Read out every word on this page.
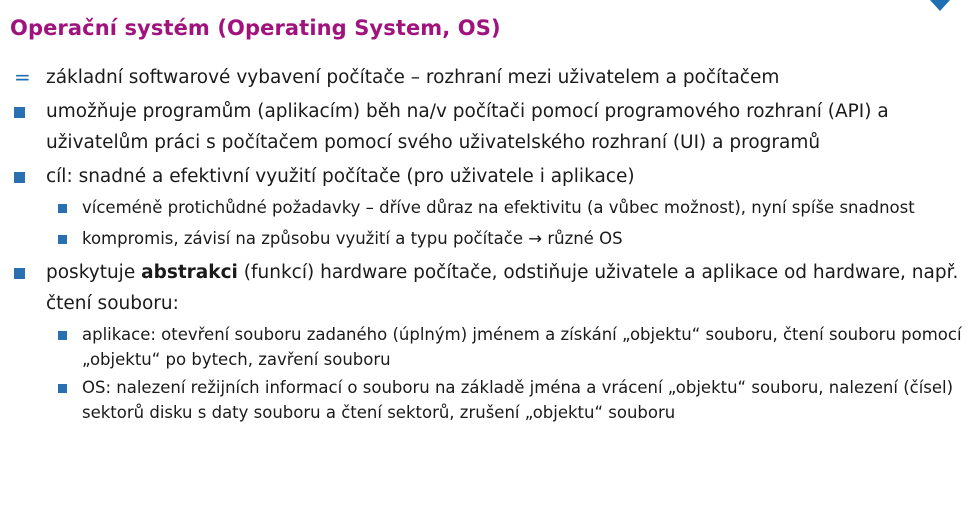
Operační systém (Operating System, OS)

= základní softwarové vybavení počítače – rozhraní mezi uživatelem a počítačem

umožňuje programům (aplikacím) běh na/v počítači pomocí programového rozhraní (API) a uživatelům práci s počítačem pomocí svého uživatelského rozhraní (UI) a programů

cíl: snadné a efektivní využití počítače (pro uživatele i aplikace)

víceméně protichůdné požadavky – dříve důraz na efektivitu (a vůbec možnost), nyní spíše snadnost

kompromis, závisí na způsobu využití a typu počítače → různé OS

poskytuje abstrakci (funkcí) hardware počítače, odstiňuje uživatele a aplikace od hardware, např. čtení souboru:

aplikace: otevření souboru zadaného (úplným) jménem a získání „objektu“ souboru, čtení souboru pomocí „objektu“ po bytech, zavření souboru

OS: nalezení režijních informací o souboru na základě jména a vrácení „objektu“ souboru, nalezení (čísel) sektorů disku s daty souboru a čtení sektorů, zrušení „objektu“ souboru
